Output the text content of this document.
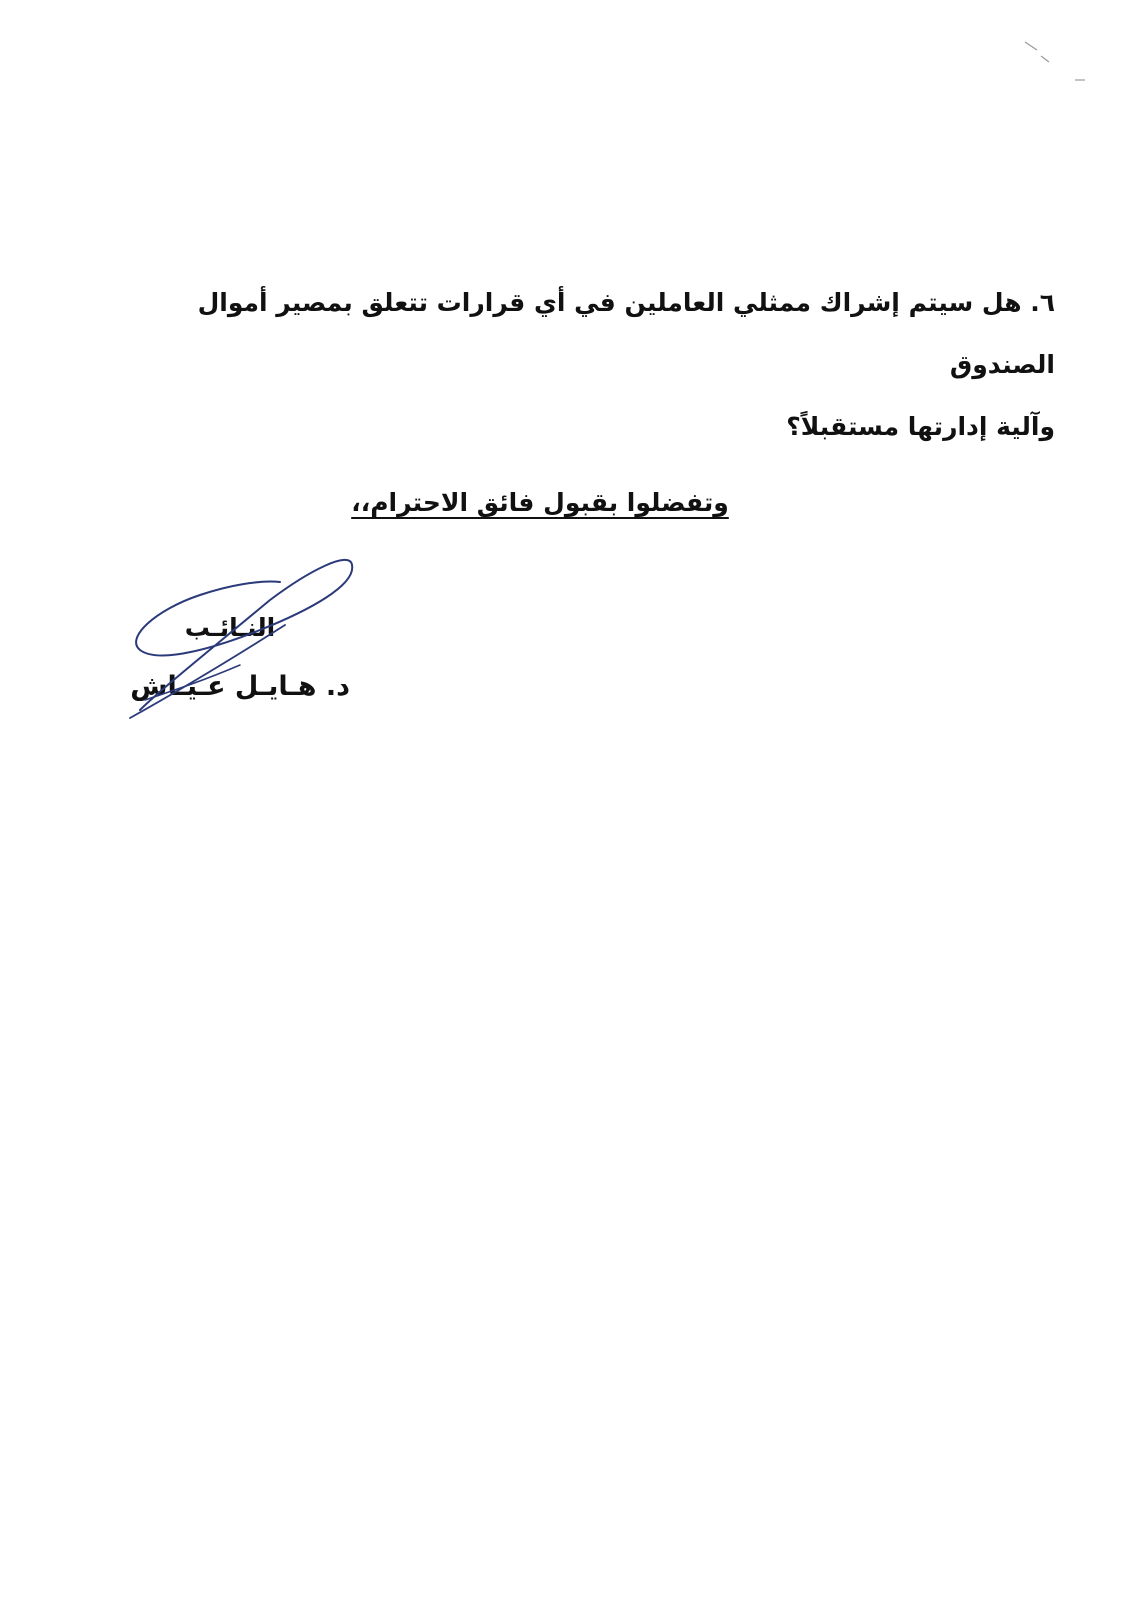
٦. هل سيتم إشراك ممثلي العاملين في أي قرارات تتعلق بمصير أموال الصندوق
وآلية إدارتها مستقبلاً؟
وتفضلوا بقبول فائق الاحترام،،
النـائـب
د. هـايـل عـيـاش
